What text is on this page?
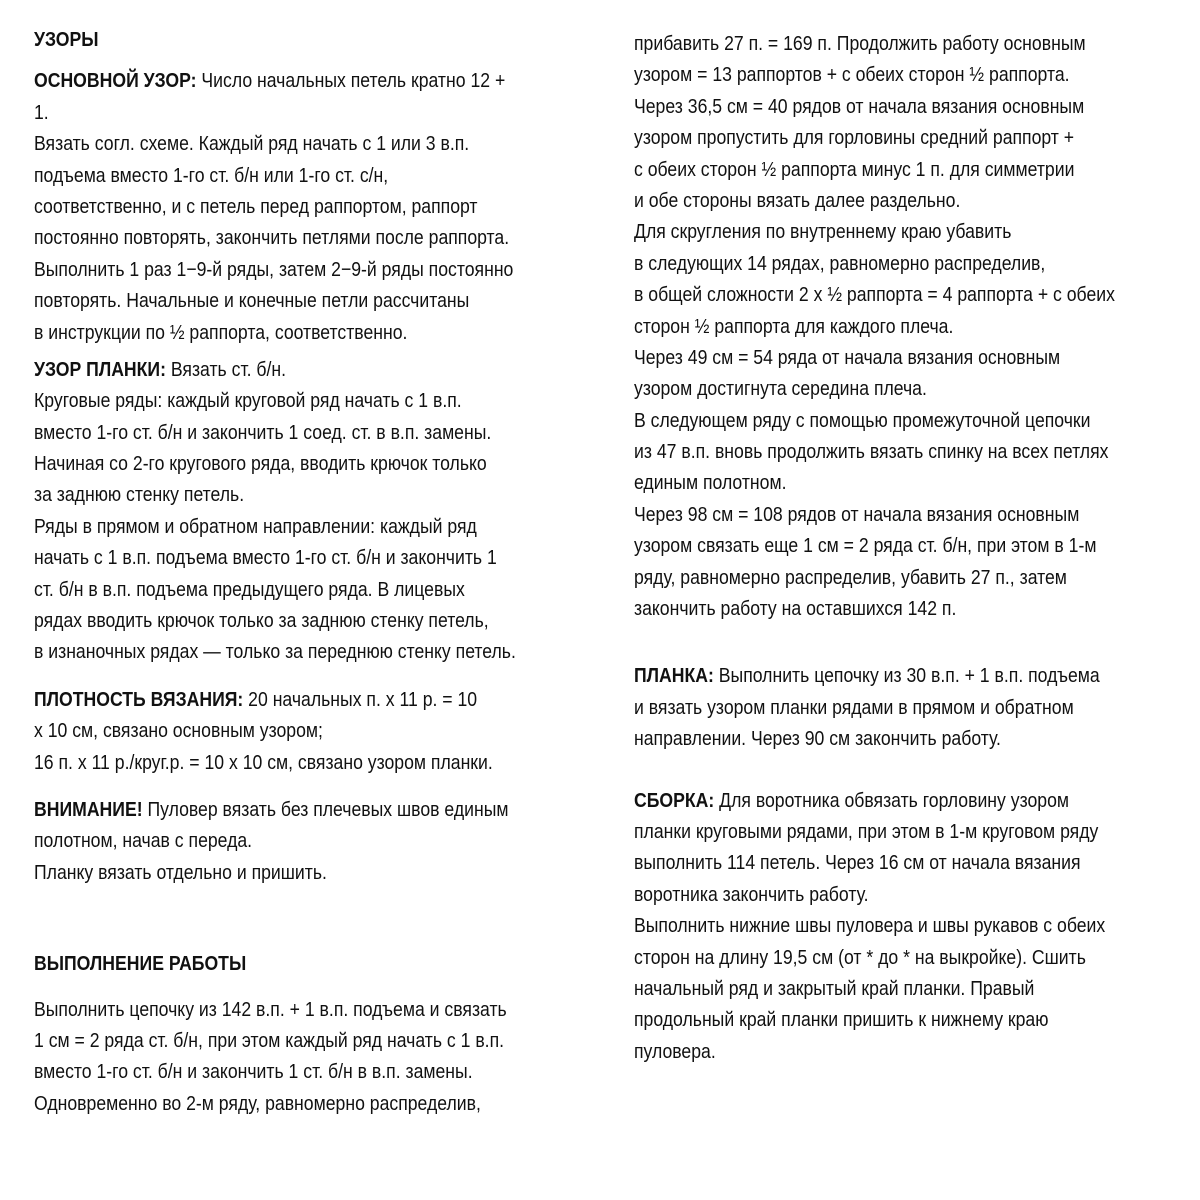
УЗОРЫ
ОСНОВНОЙ УЗОР: Число начальных петель кратно 12 +
1.
Вязать согл. схеме. Каждый ряд начать с 1 или 3 в.п.
подъема вместо 1-го ст. б/н или 1-го ст. с/н,
соответственно, и с петель перед раппортом, раппорт
постоянно повторять, закончить петлями после раппорта.
Выполнить 1 раз 1−9-й ряды, затем 2−9-й ряды постоянно
повторять. Начальные и конечные петли рассчитаны
в инструкции по ½ раппорта, соответственно.
УЗОР ПЛАНКИ: Вязать ст. б/н.
Круговые ряды: каждый круговой ряд начать с 1 в.п.
вместо 1-го ст. б/н и закончить 1 соед. ст. в в.п. замены.
Начиная со 2-го кругового ряда, вводить крючок только
за заднюю стенку петель.
Ряды в прямом и обратном направлении: каждый ряд
начать с 1 в.п. подъема вместо 1-го ст. б/н и закончить 1
ст. б/н в в.п. подъема предыдущего ряда. В лицевых
рядах вводить крючок только за заднюю стенку петель,
в изнаночных рядах — только за переднюю стенку петель.
ПЛОТНОСТЬ ВЯЗАНИЯ: 20 начальных п. х 11 р. = 10
х 10 см, связано основным узором;
16 п. х 11 р./круг.р. = 10 х 10 см, связано узором планки.
ВНИМАНИЕ! Пуловер вязать без плечевых швов единым
полотном, начав с переда.
Планку вязать отдельно и пришить.
ВЫПОЛНЕНИЕ РАБОТЫ
Выполнить цепочку из 142 в.п. + 1 в.п. подъема и связать
1 см = 2 ряда ст. б/н, при этом каждый ряд начать с 1 в.п.
вместо 1-го ст. б/н и закончить 1 ст. б/н в в.п. замены.
Одновременно во 2-м ряду, равномерно распределив,
прибавить 27 п. = 169 п. Продолжить работу основным
узором = 13 раппортов + с обеих сторон ½ раппорта.
Через 36,5 см = 40 рядов от начала вязания основным
узором пропустить для горловины средний раппорт +
с обеих сторон ½ раппорта минус 1 п. для симметрии
и обе стороны вязать далее раздельно.
Для скругления по внутреннему краю убавить
в следующих 14 рядах, равномерно распределив,
в общей сложности 2 х ½ раппорта = 4 раппорта + с обеих
сторон ½ раппорта для каждого плеча.
Через 49 см = 54 ряда от начала вязания основным
узором достигнута середина плеча.
В следующем ряду с помощью промежуточной цепочки
из 47 в.п. вновь продолжить вязать спинку на всех петлях
единым полотном.
Через 98 см = 108 рядов от начала вязания основным
узором связать еще 1 см = 2 ряда ст. б/н, при этом в 1-м
ряду, равномерно распределив, убавить 27 п., затем
закончить работу на оставшихся 142 п.
ПЛАНКА: Выполнить цепочку из 30 в.п. + 1 в.п. подъема
и вязать узором планки рядами в прямом и обратном
направлении. Через 90 см закончить работу.
СБОРКА: Для воротника обвязать горловину узором
планки круговыми рядами, при этом в 1-м круговом ряду
выполнить 114 петель. Через 16 см от начала вязания
воротника закончить работу.
Выполнить нижние швы пуловера и швы рукавов с обеих
сторон на длину 19,5 см (от * до * на выкройке). Сшить
начальный ряд и закрытый край планки. Правый
продольный край планки пришить к нижнему краю
пуловера.
